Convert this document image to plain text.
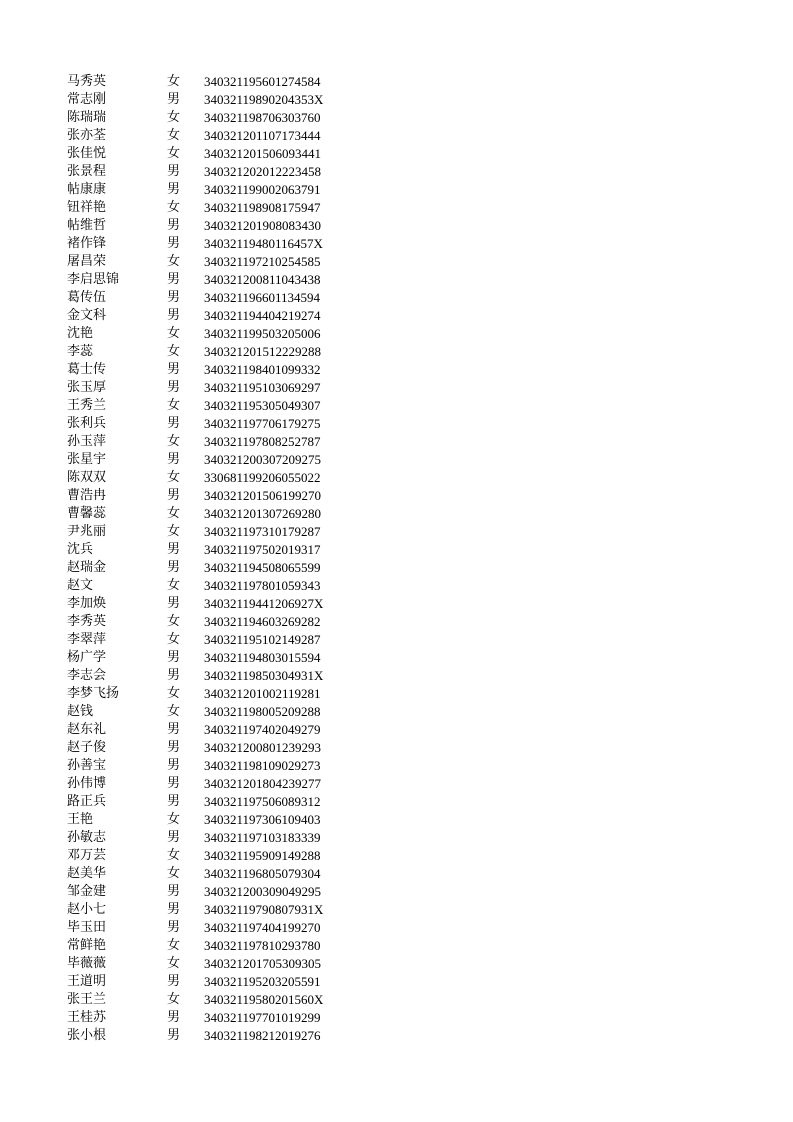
马秀英	女 340321195601274584
常志刚	男 34032119890204353X
陈瑞瑞	女 340321198706303760
张亦荃	女 340321201107173444
张佳悦	女 340321201506093441
张景程	男 340321202012223458
帖康康	男 340321199002063791
钮祥艳	女 340321198908175947
帖维哲	男 340321201908083430
褚作锋	男 34032119480116457X
屠昌荣	女 340321197210254585
李启思锦	男 340321200811043438
葛传伍	男 340321196601134594
金文科	男 340321194404219274
沈艳	女 340321199503205006
李蕊	女 340321201512229288
葛士传	男 340321198401099332
张玉厚	男 340321195103069297
王秀兰	女 340321195305049307
张利兵	男 340321197706179275
孙玉萍	女 340321197808252787
张星宇	男 340321200307209275
陈双双	女 330681199206055022
曹浩冉	男 340321201506199270
曹馨蕊	女 340321201307269280
尹兆丽	女 340321197310179287
沈兵	男 340321197502019317
赵瑞金	男 340321194508065599
赵文	女 340321197801059343
李加焕	男 34032119441206927X
李秀英	女 340321194603269282
李翠萍	女 340321195102149287
杨广学	男 340321194803015594
李志会	男 34032119850304931X
李梦飞扬	女 340321201002119281
赵钱	女 340321198005209288
赵东礼	男 340321197402049279
赵子俊	男 340321200801239293
孙善宝	男 340321198109029273
孙伟博	男 340321201804239277
路正兵	男 340321197506089312
王艳	女 340321197306109403
孙敏志	男 340321197103183339
邓万芸	女 340321195909149288
赵美华	女 340321196805079304
邹金建	男 340321200309049295
赵小七	男 34032119790807931X
毕玉田	男 340321197404199270
常鲜艳	女 340321197810293780
毕薇薇	女 340321201705309305
王道明	男 340321195203205591
张王兰	女 34032119580201560X
王桂苏	男 340321197701019299
张小根	男 340321198212019276
